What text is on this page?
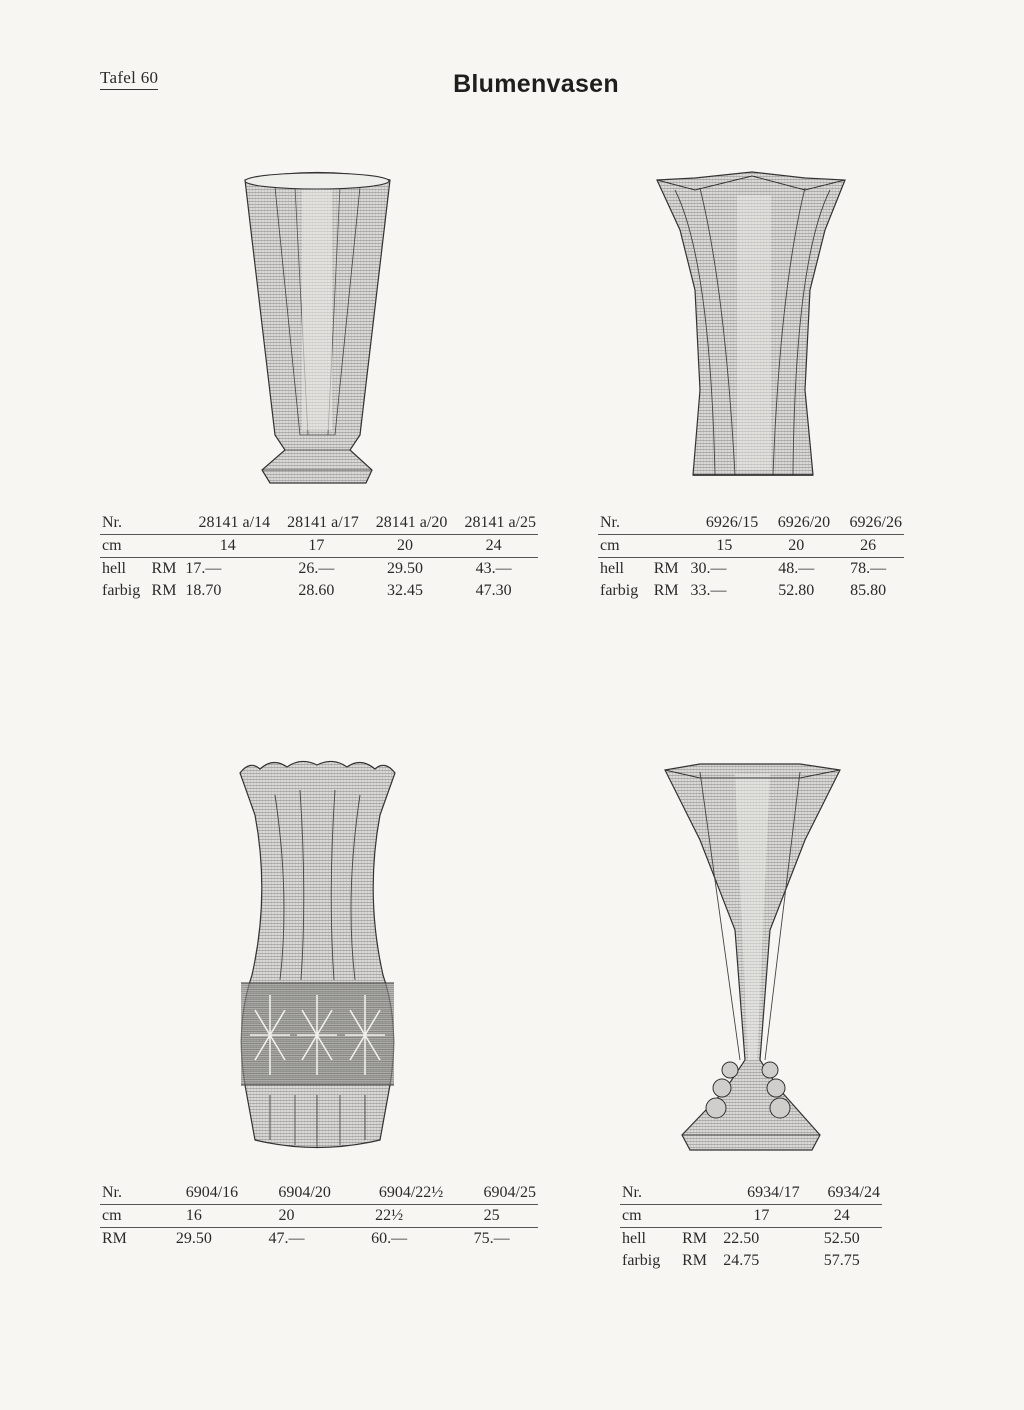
Tafel 60	Blumenvasen
Nr.		28141 a/14	28141 a/17	28141 a/20	28141 a/25
cm		14	17	20	24
hell	RM	17.—	26.—	29.50	43.—
farbig	RM	18.70	28.60	32.45	47.30
Nr.		6926/15	6926/20	6926/26
cm		15	20	26
hell	RM	30.—	48.—	78.—
farbig	RM	33.—	52.80	85.80
Nr.	6904/16	6904/20	6904/22½	6904/25
cm	16	20	22½	25
RM	29.50	47.—	60.—	75.—
Nr.		6934/17	6934/24
cm		17	24
hell	RM	22.50	52.50
farbig	RM	24.75	57.75
